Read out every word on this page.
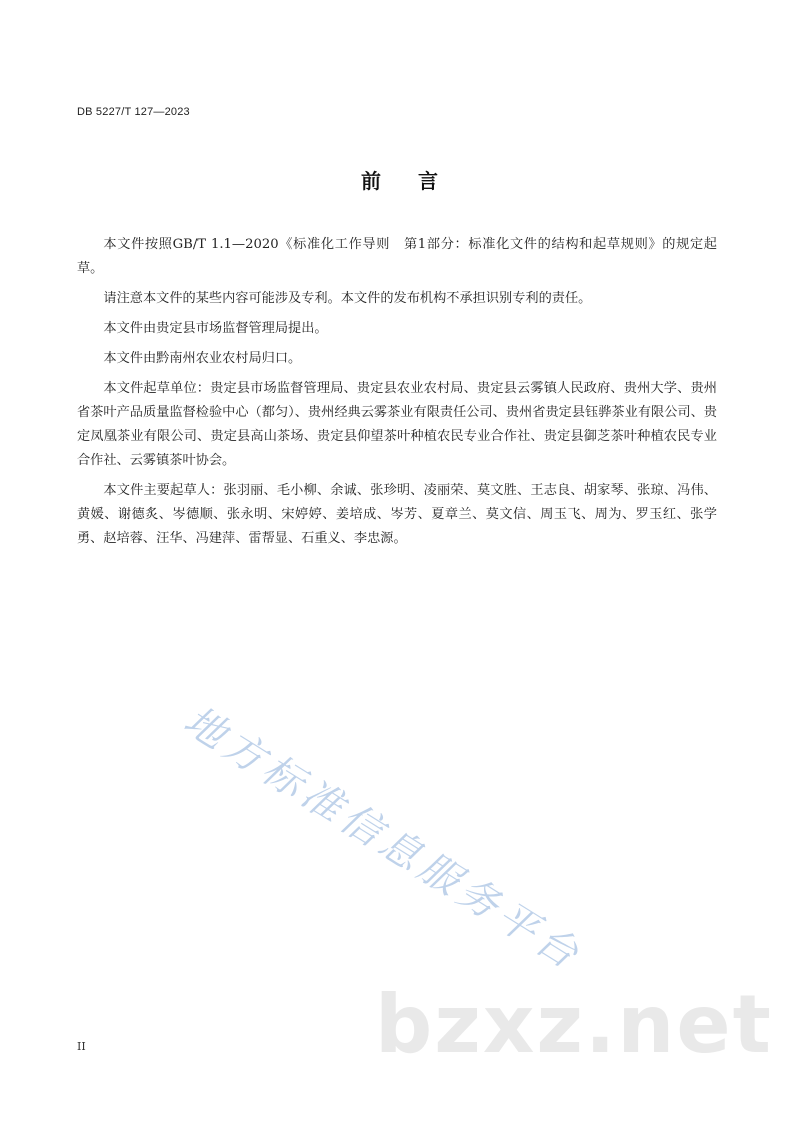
DB 5227/T 127—2023
前 言

本文件按照GB/T 1.1—2020《标准化工作导则　第1部分：标准化文件的结构和起草规则》的规定起草。

请注意本文件的某些内容可能涉及专利。本文件的发布机构不承担识别专利的责任。

本文件由贵定县市场监督管理局提出。

本文件由黔南州农业农村局归口。

本文件起草单位：贵定县市场监督管理局、贵定县农业农村局、贵定县云雾镇人民政府、贵州大学、贵州省茶叶产品质量监督检验中心（都匀）、贵州经典云雾茶业有限责任公司、贵州省贵定县钰骅茶业有限公司、贵定凤凰茶业有限公司、贵定县高山茶场、贵定县仰望茶叶种植农民专业合作社、贵定县御芝茶叶种植农民专业合作社、云雾镇茶叶协会。

本文件主要起草人：张羽丽、毛小柳、余诚、张珍明、凌丽荣、莫文胜、王志良、胡家琴、张琼、冯伟、黄媛、谢德炙、岑德顺、张永明、宋婷婷、姜培成、岑芳、夏章兰、莫文信、周玉飞、周为、罗玉红、张学勇、赵培蓉、汪华、冯建萍、雷帮显、石重义、李忠源。

地方标准信息服务平台
bzxz.net
II
